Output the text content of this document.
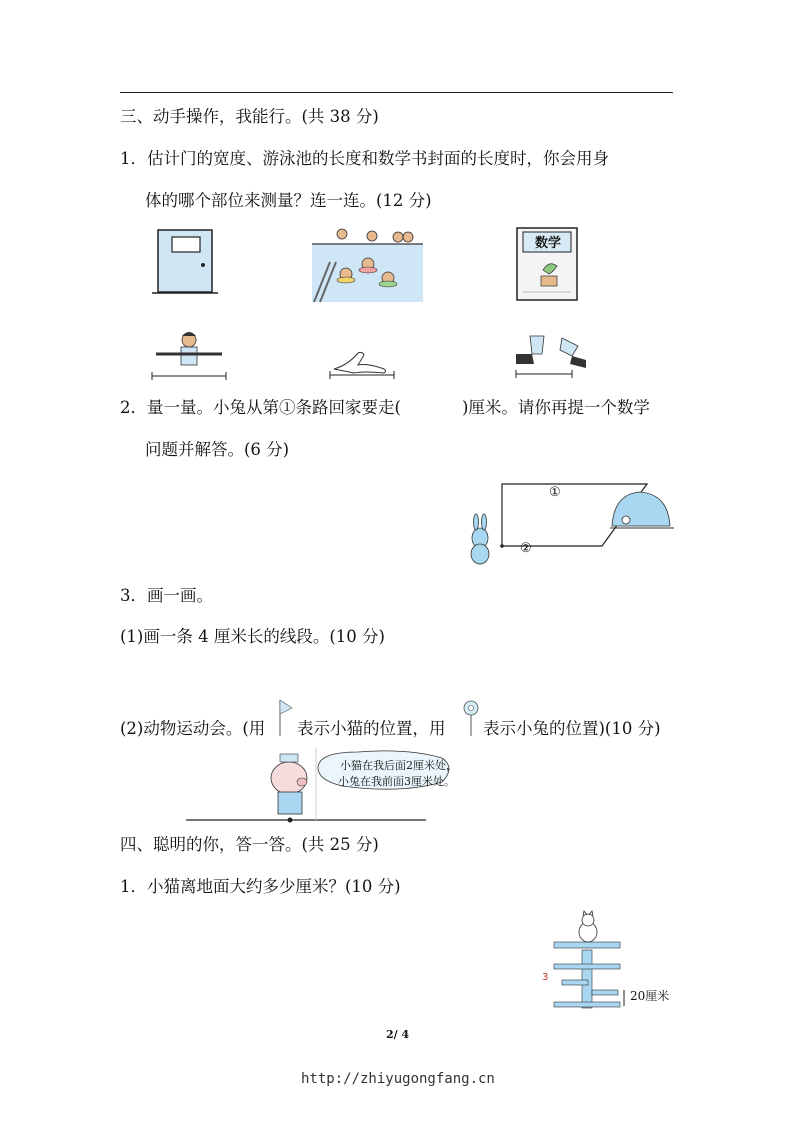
三、动手操作，我能行。(共 38 分)
1．估计门的宽度、游泳池的长度和数学书封面的长度时，你会用身
体的哪个部位来测量？连一连。(12 分)
数学
2．量一量。小兔从第①条路回家要走(	)厘米。请你再提一个数学
问题并解答。(6 分)
①
②
3．画一画。
(1)画一条 4 厘米长的线段。(10 分)
(2)动物运动会。(用 表示小猫的位置，用 表示小兔的位置)(10 分)
小猫在我后面2厘米处，
小兔在我前面3厘米处。
四、聪明的你，答一答。(共 25 分)
1．小猫离地面大约多少厘米？(10 分)
3
20厘米
2/ 4
http://zhiyugongfang.cn
